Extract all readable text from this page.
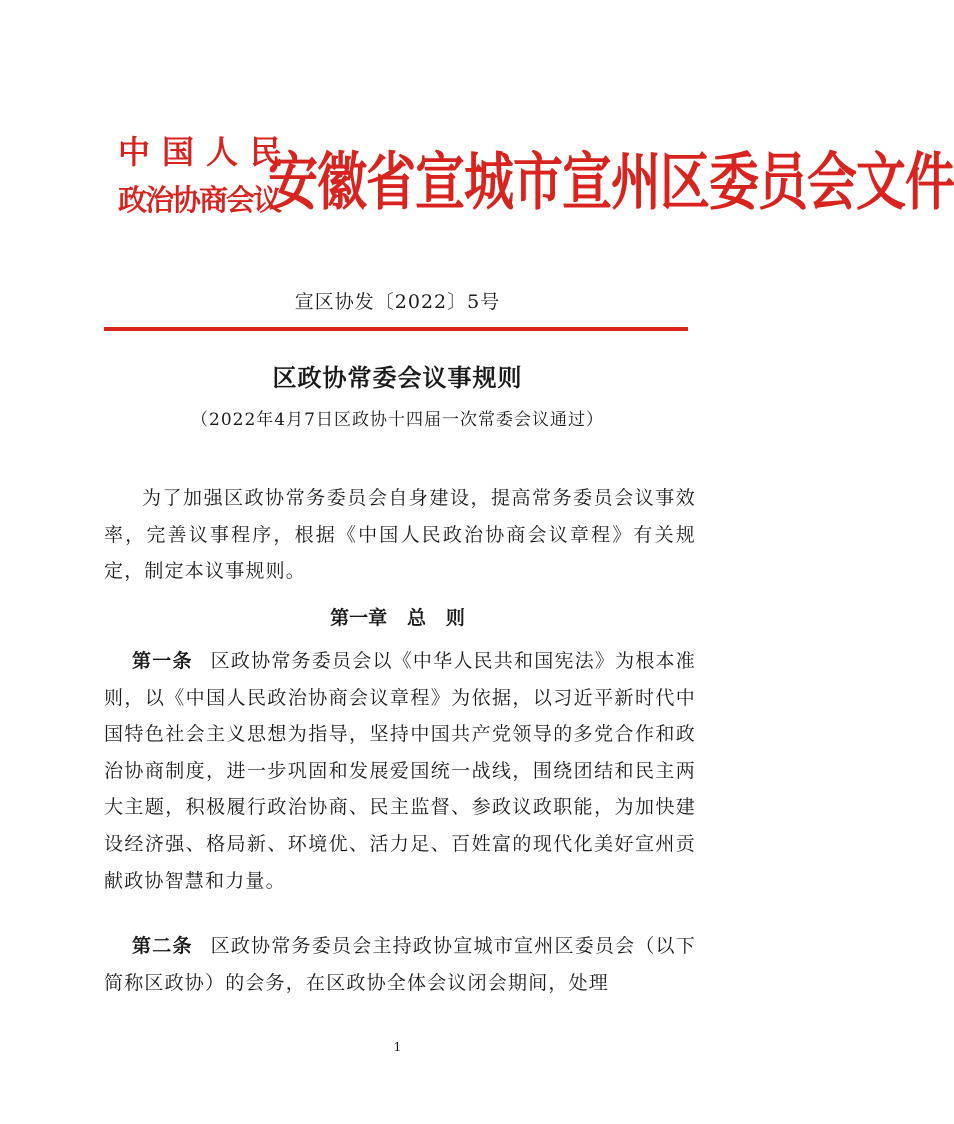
中国人民
政治协商会议
安徽省宣城市宣州区委员会文件
宣区协发〔2022〕5号
区政协常委会议事规则
（2022年4月7日区政协十四届一次常委会议通过）
为了加强区政协常务委员会自身建设，提高常务委员会议事效率，完善议事程序，根据《中国人民政治协商会议章程》有关规定，制定本议事规则。
第一章 总 则
第一条 区政协常务委员会以《中华人民共和国宪法》为根本准则，以《中国人民政治协商会议章程》为依据，以习近平新时代中国特色社会主义思想为指导，坚持中国共产党领导的多党合作和政治协商制度，进一步巩固和发展爱国统一战线，围绕团结和民主两大主题，积极履行政治协商、民主监督、参政议政职能，为加快建设经济强、格局新、环境优、活力足、百姓富的现代化美好宣州贡献政协智慧和力量。
第二条 区政协常务委员会主持政协宣城市宣州区委员会（以下简称区政协）的会务，在区政协全体会议闭会期间，处理
1
